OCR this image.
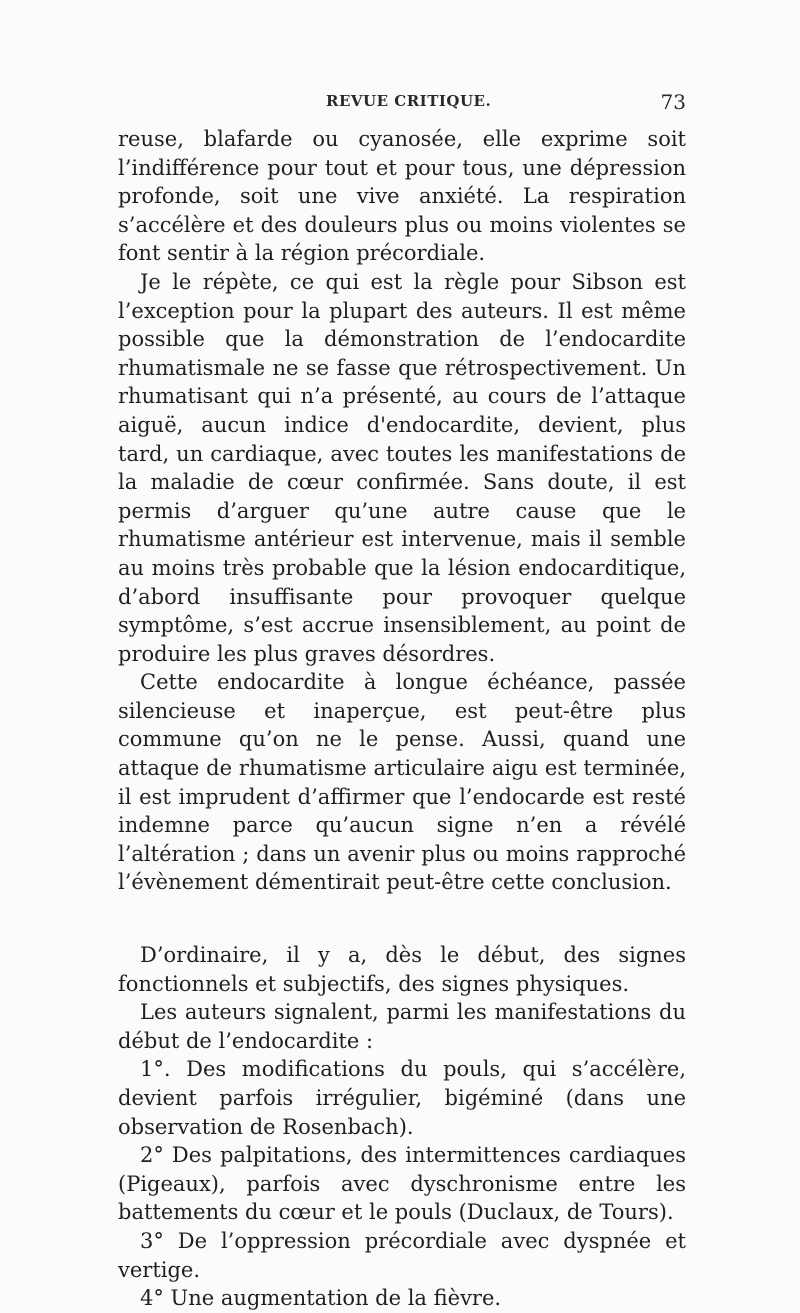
REVUE CRITIQUE.	73

reuse, blafarde ou cyanosée, elle exprime soit l’indifférence pour tout et pour tous, une dépression profonde, soit une vive anxiété. La respiration s’accélère et des douleurs plus ou moins violentes se font sentir à la région précordiale.

Je le répète, ce qui est la règle pour Sibson est l’exception pour la plupart des auteurs. Il est même possible que la démonstration de l’endocardite rhumatismale ne se fasse que rétrospectivement. Un rhumatisant qui n’a présenté, au cours de l’attaque aiguë, aucun indice d'endocardite, devient, plus tard, un cardiaque, avec toutes les manifestations de la maladie de cœur confirmée. Sans doute, il est permis d’arguer qu’une autre cause que le rhumatisme antérieur est intervenue, mais il semble au moins très probable que la lésion endocarditique, d’abord insuffisante pour provoquer quelque symptôme, s’est accrue insensiblement, au point de produire les plus graves désordres.

Cette endocardite à longue échéance, passée silencieuse et inaperçue, est peut-être plus commune qu’on ne le pense. Aussi, quand une attaque de rhumatisme articulaire aigu est terminée, il est imprudent d’affirmer que l’endocarde est resté indemne parce qu’aucun signe n’en a révélé l’altération ; dans un avenir plus ou moins rapproché l’évènement démentirait peut-être cette conclusion.

D’ordinaire, il y a, dès le début, des signes fonctionnels et subjectifs, des signes physiques.

Les auteurs signalent, parmi les manifestations du début de l’endocardite :

1°. Des modifications du pouls, qui s’accélère, devient parfois irrégulier, bigéminé (dans une observation de Rosenbach).

2° Des palpitations, des intermittences cardiaques (Pigeaux), parfois avec dyschronisme entre les battements du cœur et le pouls (Duclaux, de Tours).

3° De l’oppression précordiale avec dyspnée et vertige.

4° Une augmentation de la fièvre.
